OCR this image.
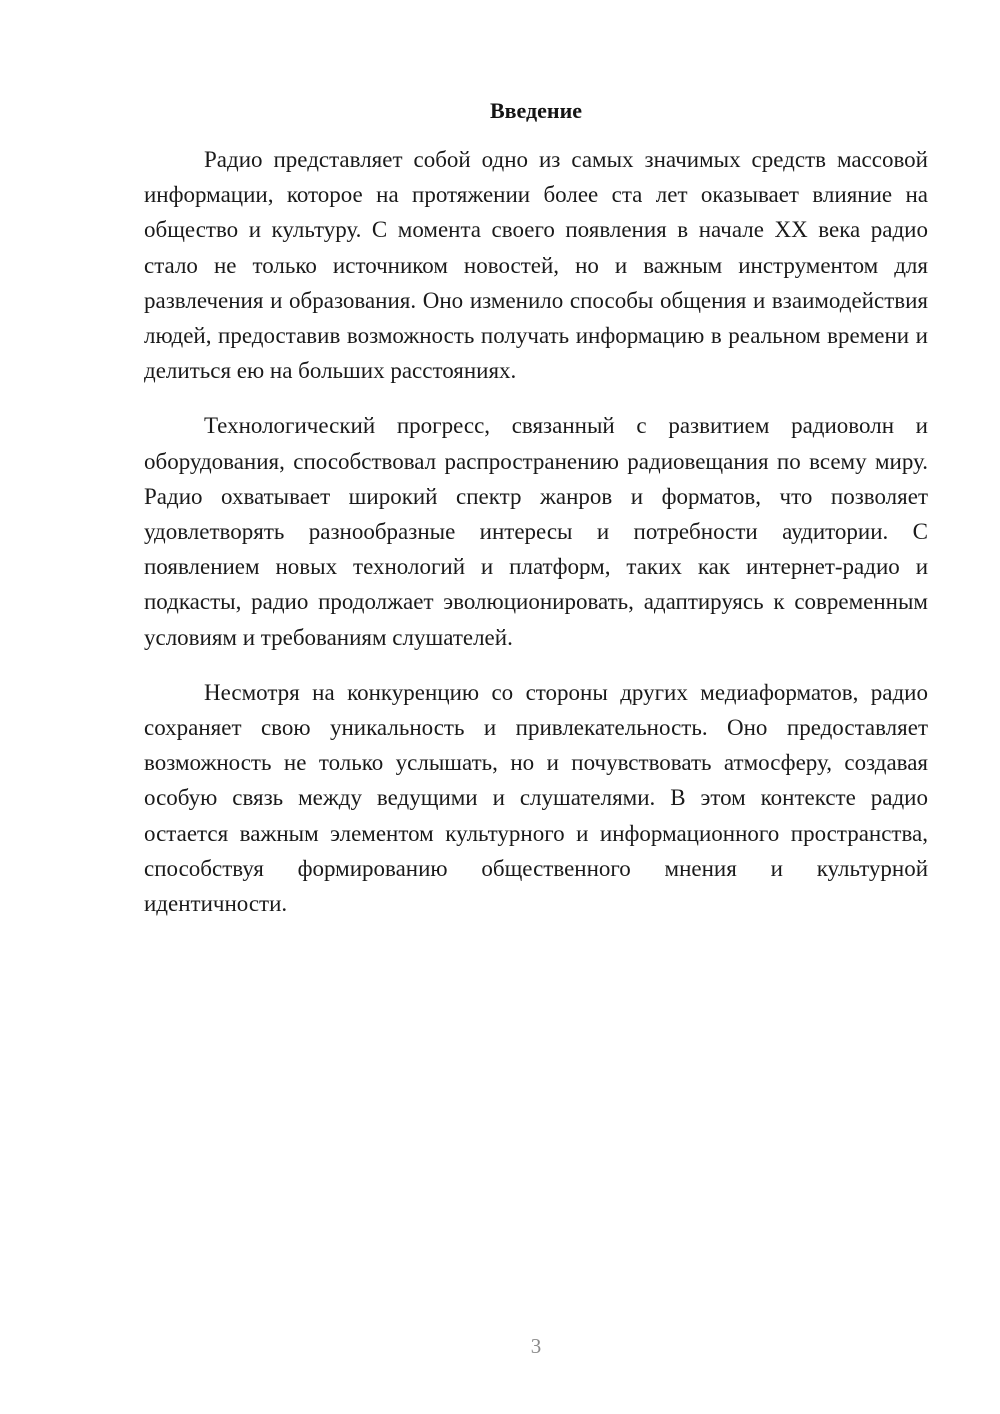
Введение

Радио представляет собой одно из самых значимых средств массовой информации, которое на протяжении более ста лет оказывает влияние на общество и культуру. С момента своего появления в начале XX века радио стало не только источником новостей, но и важным инструментом для развлечения и образования. Оно изменило способы общения и взаимодействия людей, предоставив возможность получать информацию в реальном времени и делиться ею на больших расстояниях.

Технологический прогресс, связанный с развитием радиоволн и оборудования, способствовал распространению радиовещания по всему миру. Радио охватывает широкий спектр жанров и форматов, что позволяет удовлетворять разнообразные интересы и потребности аудитории. С появлением новых технологий и платформ, таких как интернет-радио и подкасты, радио продолжает эволюционировать, адаптируясь к современным условиям и требованиям слушателей.

Несмотря на конкуренцию со стороны других медиаформатов, радио сохраняет свою уникальность и привлекательность. Оно предоставляет возможность не только услышать, но и почувствовать атмосферу, создавая особую связь между ведущими и слушателями. В этом контексте радио остается важным элементом культурного и информационного пространства, способствуя формированию общественного мнения и культурной идентичности.

3
